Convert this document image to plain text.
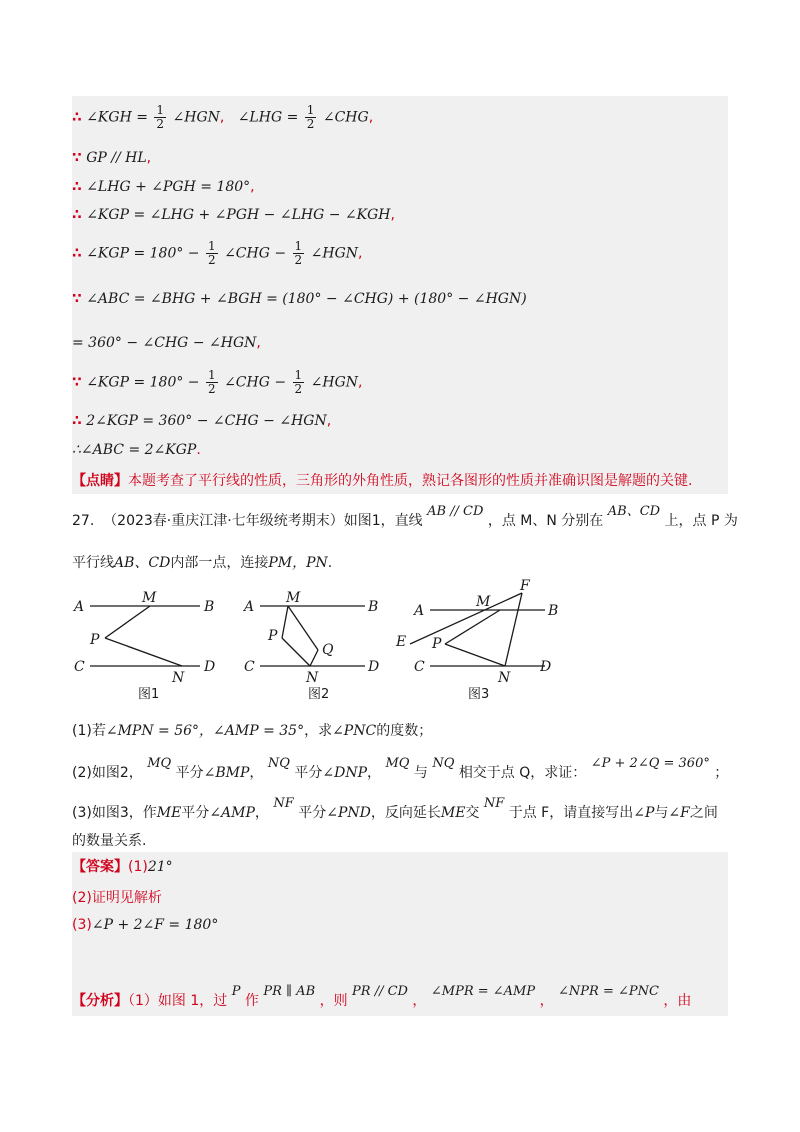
∴ ∠KGH = $\frac{1}{2}$ ∠HGN, ∠LHG = $\frac{1}{2}$ ∠CHG,
∵ GP // HL,
∴ ∠LHG + ∠PGH = 180°,
∴ ∠KGP = ∠LHG + ∠PGH − ∠LHG − ∠KGH,
∴ ∠KGP = $180^\circ - \frac{1}{2}$ ∠CHG − $\frac{1}{2}$ ∠HGN,
∵ ∠ABC = ∠BHG + ∠BGH = (180° − ∠CHG) + (180° − ∠HGN)
= 360° − ∠CHG − ∠HGN,
∵ ∠KGP = $180^\circ - \frac{1}{2}$ ∠CHG − $\frac{1}{2}$ ∠HGN,
∴ 2∠KGP = 360° − ∠CHG − ∠HGN,
∴∠ABC = 2∠KGP.
【点睛】本题考查了平行线的性质，三角形的外角性质，熟记各图形的性质并准确识图是解题的关键.
27. （2023春·重庆江津·七年级统考期末）如图1，直线 AB // CD ，点 M、N 分别在 AB、CD 上，点 P 为
平行线AB、CD内部一点，连接PM，PN.
A	B
C	D
M
N
P
图1
A	B
C	D
M
N
P
Q
图2
A	B
C	D
M
N
P
E
F
图3
(1)若∠MPN = 56°，∠AMP = 35°，求∠PNC的度数；
(2)如图2， MQ 平分∠BMP， NQ 平分∠DNP， MQ 与 NQ 相交于点 Q，求证： ∠P + 2∠Q = 360° ；
(3)如图3，作ME平分∠AMP， NF 平分∠PND，反向延长ME交 NF 于点 F，请直接写出∠P与∠F之间
的数量关系.
【答案】(1)21°
(2)证明见解析
(3)∠P + 2∠F = 180°
【分析】（1）如图 1，过 P 作 PR ∥ AB ，则 PR // CD ， ∠MPR = ∠AMP ， ∠NPR = ∠PNC ，由
